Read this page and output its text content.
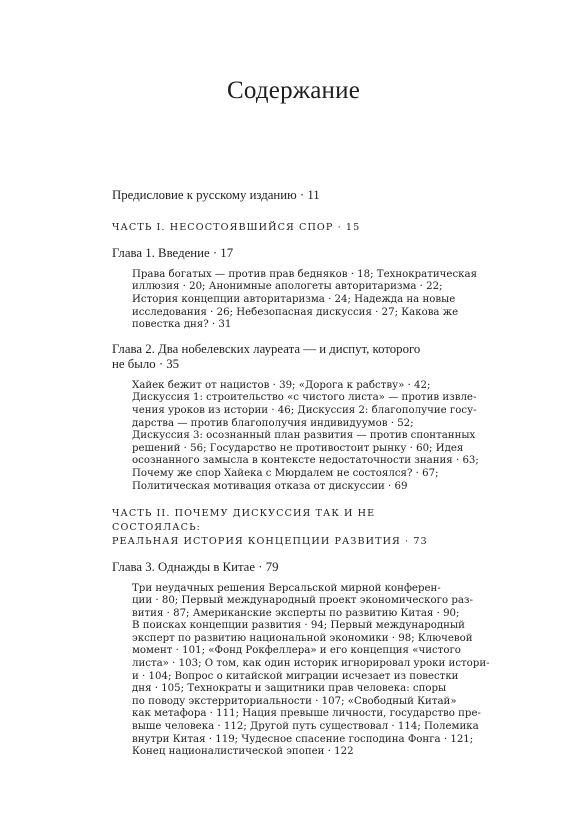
Содержание
Предисловие к русскому изданию · 11
ЧАСТЬ I. НЕСОСТОЯВШИЙСЯ СПОР · 15
Глава 1. Введение · 17
Права богатых — против прав бедняков · 18; Технократическая
иллюзия · 20; Анонимные апологеты авторитаризма · 22;
История концепции авторитаризма · 24; Надежда на новые
исследования · 26; Небезопасная дискуссия · 27; Какова же
повестка дня? · 31
Глава 2. Два нобелевских лауреата — и диспут, которого
не было · 35
Хайек бежит от нацистов · 39; «Дорога к рабству» · 42;
Дискуссия 1: строительство «с чистого листа» — против извле-
чения уроков из истории · 46; Дискуссия 2: благополучие госу-
дарства — против благополучия индивидуумов · 52;
Дискуссия 3: осознанный план развития — против спонтанных
решений · 56; Государство не противостоит рынку · 60; Идея
осознанного замысла в контексте недостаточности знания · 63;
Почему же спор Хайека с Мюрдалем не состоялся? · 67;
Политическая мотивация отказа от дискуссии · 69
ЧАСТЬ II. ПОЧЕМУ ДИСКУССИЯ ТАК И НЕ СОСТОЯЛАСЬ:
РЕАЛЬНАЯ ИСТОРИЯ КОНЦЕПЦИИ РАЗВИТИЯ · 73
Глава 3. Однажды в Китае · 79
Три неудачных решения Версальской мирной конферен-
ции · 80; Первый международный проект экономического раз-
вития · 87; Американские эксперты по развитию Китая · 90;
В поисках концепции развития · 94; Первый международный
эксперт по развитию национальной экономики · 98; Ключевой
момент · 101; «Фонд Рокфеллера» и его концепция «чистого
листа» · 103; О том, как один историк игнорировал уроки истори-
и · 104; Вопрос о китайской миграции исчезает из повестки
дня · 105; Технократы и защитники прав человека: споры
по поводу экстерриториальности · 107; «Свободный Китай»
как метафора · 111; Нация превыше личности, государство пре-
выше человека · 112; Другой путь существовал · 114; Полемика
внутри Китая · 119; Чудесное спасение господина Фонга · 121;
Конец националистической эпопеи · 122
